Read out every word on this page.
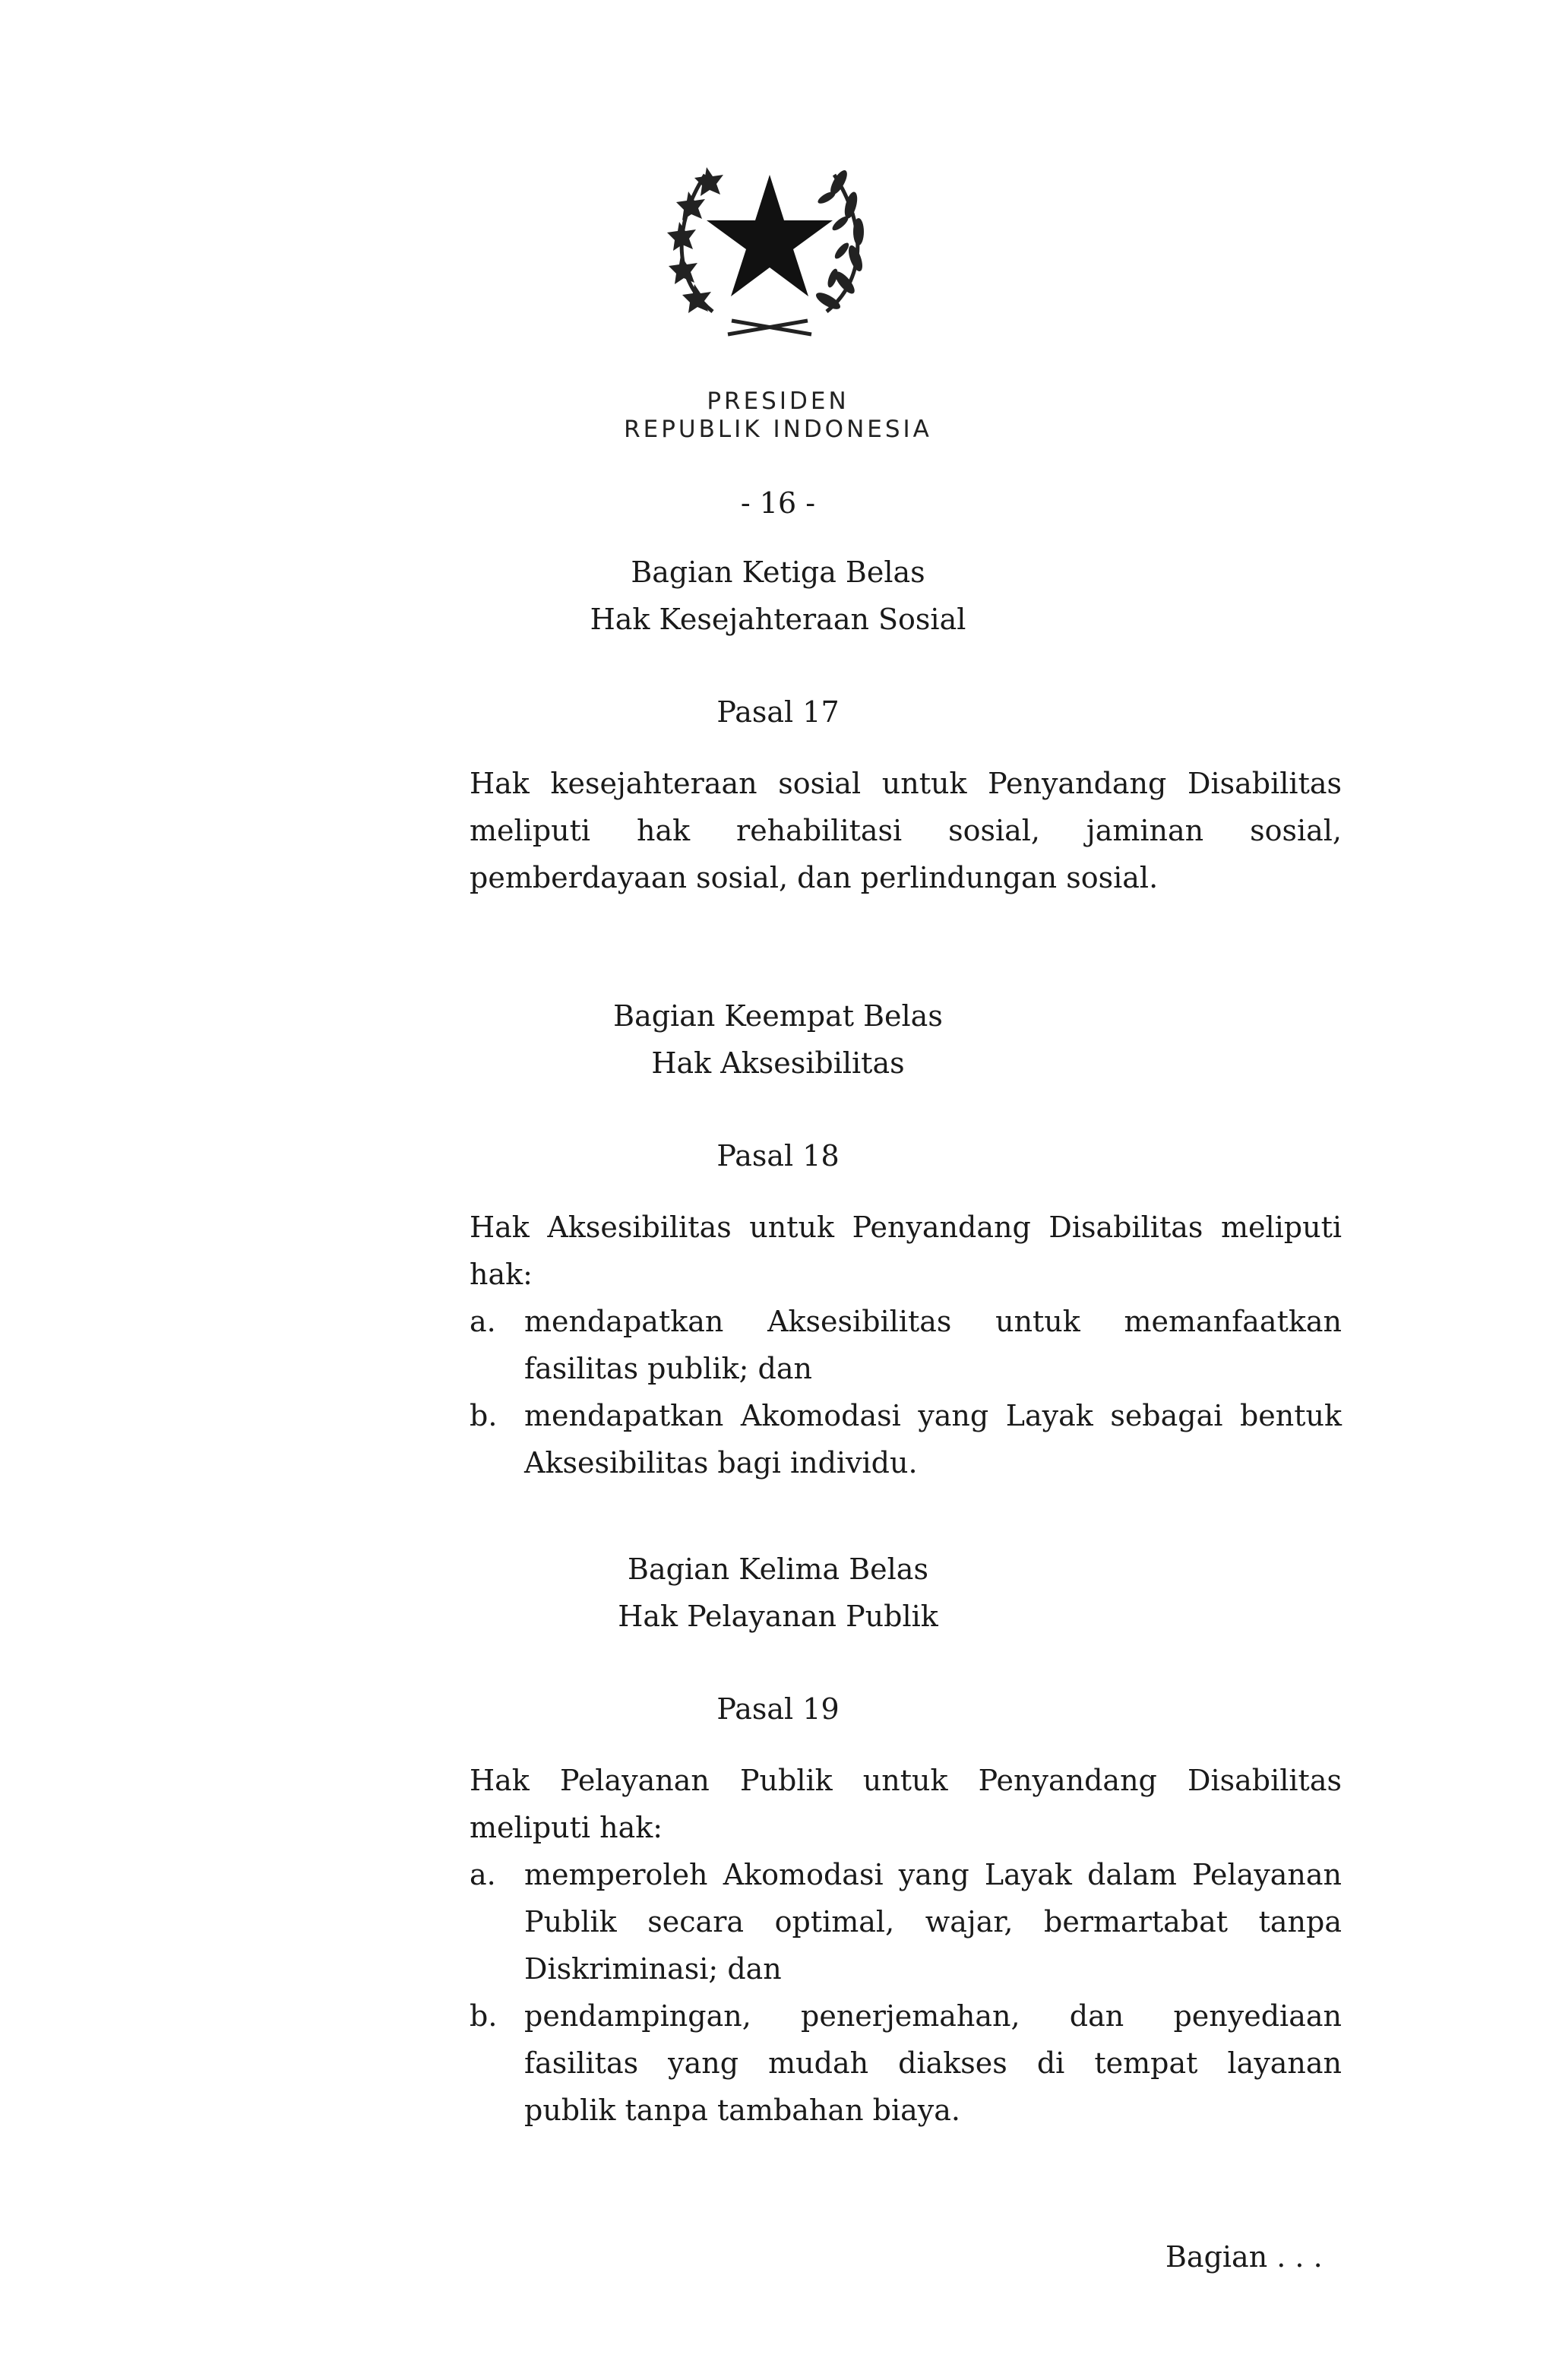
PRESIDEN
REPUBLIK INDONESIA
- 16 -
Bagian Ketiga Belas
Hak Kesejahteraan Sosial
Pasal 17
Hak kesejahteraan sosial untuk Penyandang Disabilitas
meliputi hak rehabilitasi sosial, jaminan sosial,
pemberdayaan sosial, dan perlindungan sosial.
Bagian Keempat Belas
Hak Aksesibilitas
Pasal 18
Hak Aksesibilitas untuk Penyandang Disabilitas meliputi
hak:
a. mendapatkan Aksesibilitas untuk memanfaatkan
fasilitas publik; dan
b. mendapatkan Akomodasi yang Layak sebagai bentuk
Aksesibilitas bagi individu.
Bagian Kelima Belas
Hak Pelayanan Publik
Pasal 19
Hak Pelayanan Publik untuk Penyandang Disabilitas
meliputi hak:
a. memperoleh Akomodasi yang Layak dalam Pelayanan
Publik secara optimal, wajar, bermartabat tanpa
Diskriminasi; dan
b. pendampingan, penerjemahan, dan penyediaan
fasilitas yang mudah diakses di tempat layanan
publik tanpa tambahan biaya.
Bagian . . .
